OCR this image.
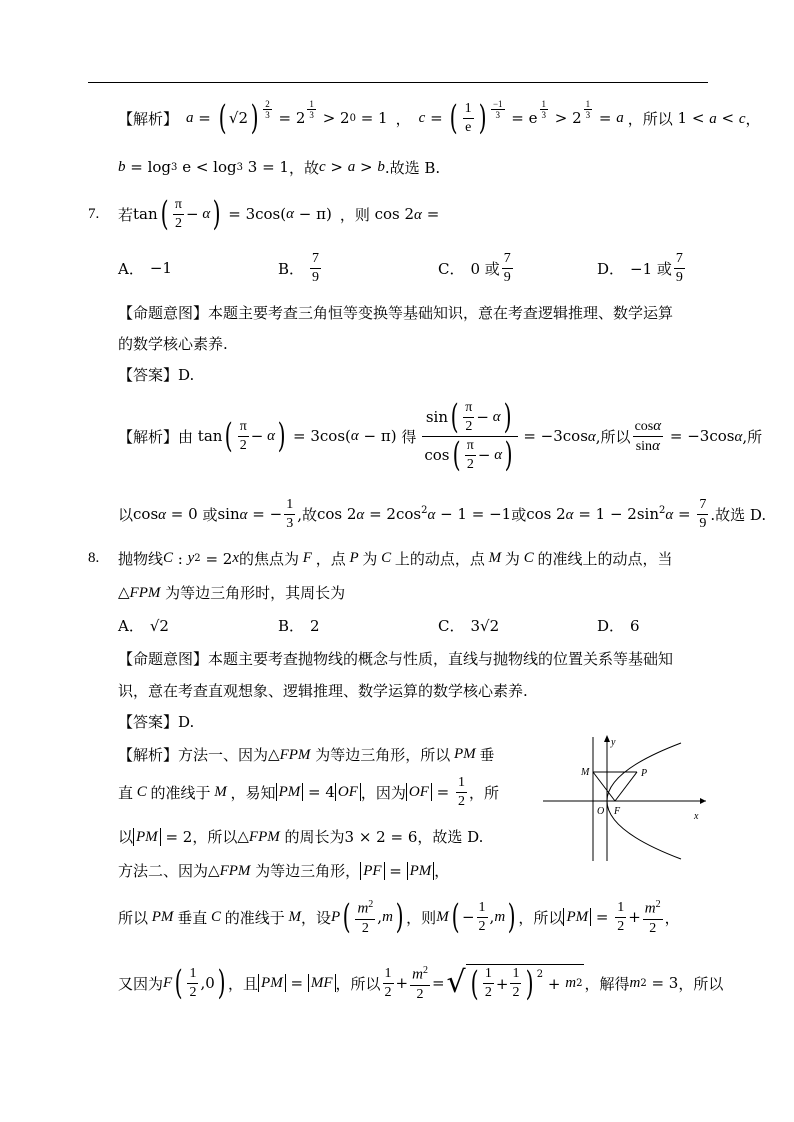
【解析】 a = ( √2 ) $\frac{2}{3} = 2 \frac{1}{3} > 2_0 = 1$ ， c = ( $\frac{1}{e}$ ) $\frac{-1}{3} = e \frac{1}{3} > 2 \frac{1}{3} = a$ ，所以 1 < a < c ，
b = log 3 e < log 3 3 = 1 ，故 c > a > b .故选 B.
7.	若 tan ( $\frac{\pi}{2} - \alpha$ ) = 3cos( α − π) ，则 cos 2α =
A． −1	B． $\frac{7}{9}$	C． 0 或 $\frac{7}{9}$	D． −1 或 $\frac{7}{9}$
【命题意图】 本题主要考查三角恒等变换等基础知识，意在考查逻辑推理、数学运算
的数学核心素养.
【答案】 D.
【解析】 由 tan ( $\frac{\pi}{2} - \alpha$ ) = 3cos( α − π) 得 $\frac{\sin ( \frac{\pi}{2} - \alpha )}{\cos ( \frac{\pi}{2} - \alpha )} = -3\cos\alpha$ ,所以 $\frac{\cos\alpha}{\sin\alpha} = -3\cos\alpha$ ,所
以 cosα = 0 或 sinα = − $\frac{1}{3}$ ,故 $\cos 2\alpha = 2\cos^2\alpha - 1 = -1$ 或 $\cos 2\alpha = 1 - 2\sin^2\alpha = \frac{7}{9}$ .故选 D.
8.	抛物线 C : y 2 = 2 x 的焦点为 F ，点 P 为 C 上的动点，点 M 为 C 的准线上的动点，当
△FPM 为等边三角形时，其周长为
A． √2	B． 2	C． 3√2	D． 6
【命题意图】 本题主要考查抛物线的概念与性质，直线与抛物线的位置关系等基础知
识，意在考查直观想象、逻辑推理、数学运算的数学核心素养.
【答案】 D.
【解析】 方法一、因为 △FPM 为等边三角形，所以 PM 垂
直 C 的准线于 M ，易知 PM = 4 OF ，因为 OF = $\frac{1}{2}$ ，所
以 PM = 2 ，所以 △FPM 的周长为 3 × 2 = 6 ，故选 D.
方法二、因为 △FPM 为等边三角形， PF = PM ，
所以 PM 垂直 C 的准线于 M ，设 P ( $\frac{m^2}{2}$ , m ) ，则 M ( − $\frac{1}{2}$ , m ) ，所以 PM = $\frac{1}{2} + \frac{m^2}{2}$ ，
又因为 F ( $\frac{1}{2} ,0$ ) ，且 PM = MF ，所以 $\frac{1}{2} + \frac{m^2}{2}$ = √ ( $\frac{1}{2} + \frac{1}{2}$ ) $^2$ + m 2 ，解得 m 2 = 3 ，所以
y
x
M	P
O F
